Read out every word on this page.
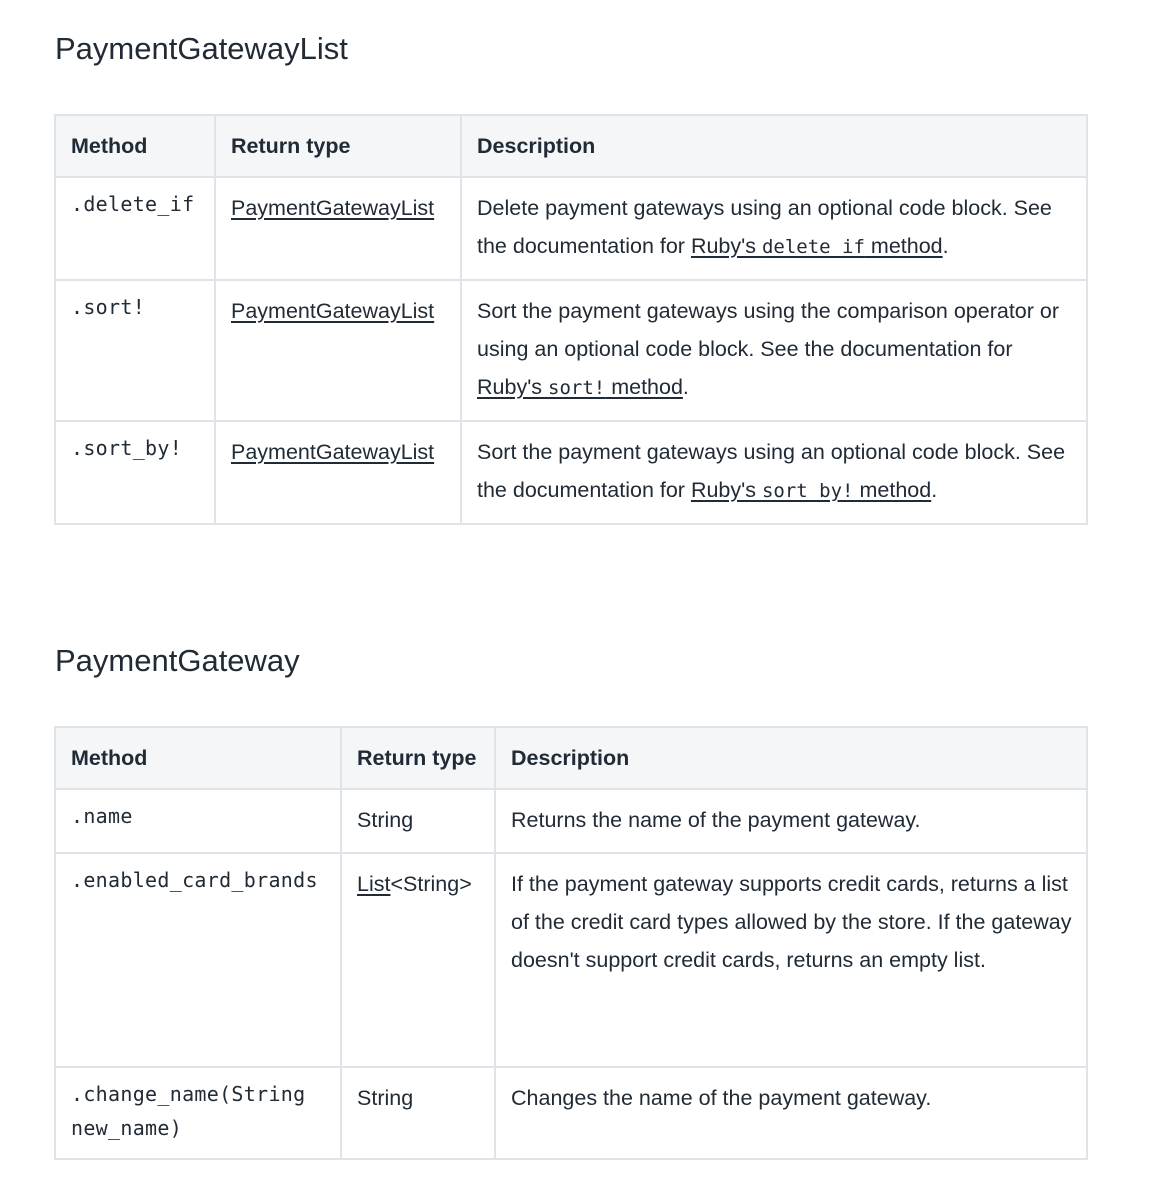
PaymentGatewayList
Method	Return type	Description
.delete_if	PaymentGatewayList	Delete payment gateways using an optional code block. See the documentation for Ruby's delete_if method.
.sort!	PaymentGatewayList	Sort the payment gateways using the comparison operator or using an optional code block. See the documentation for Ruby's sort! method.
.sort_by!	PaymentGatewayList	Sort the payment gateways using an optional code block. See the documentation for Ruby's sort_by! method.
PaymentGateway
Method	Return type	Description
.name	String	Returns the name of the payment gateway.
.enabled_card_brands	List<String>	If the payment gateway supports credit cards, returns a list of the credit card types allowed by the store. If the gateway doesn't support credit cards, returns an empty list.
.change_name(String new_name)	String	Changes the name of the payment gateway.
